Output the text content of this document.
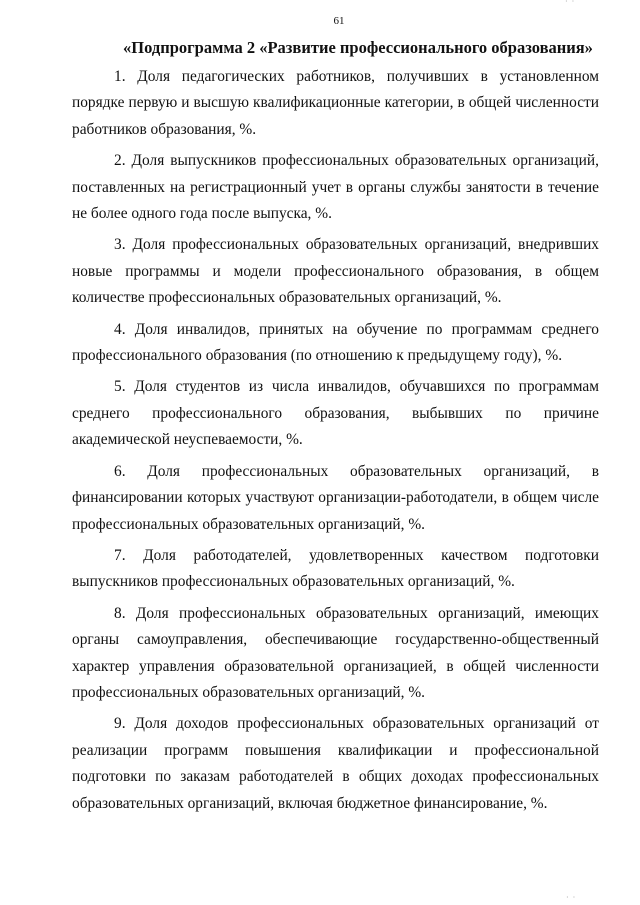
· ·
61
«Подпрограмма 2 «Развитие профессионального образования»

1. Доля педагогических работников, получивших в установленном порядке первую и высшую квалификационные категории, в общей численности работников образования, %.

2. Доля выпускников профессиональных образовательных организаций, поставленных на регистрационный учет в органы службы занятости в течение не более одного года после выпуска, %.

3. Доля профессиональных образовательных организаций, внедривших новые программы и модели профессионального образования, в общем количестве профессиональных образовательных организаций, %.

4. Доля инвалидов, принятых на обучение по программам среднего профессионального образования (по отношению к предыдущему году), %.

5. Доля студентов из числа инвалидов, обучавшихся по программам среднего профессионального образования, выбывших по причине академической неуспеваемости, %.

6. Доля профессиональных образовательных организаций, в финансировании которых участвуют организации-работодатели, в общем числе профессиональных образовательных организаций, %.

7. Доля работодателей, удовлетворенных качеством подготовки выпускников профессиональных образовательных организаций, %.

8. Доля профессиональных образовательных организаций, имеющих органы самоуправления, обеспечивающие государственно-общественный характер управления образовательной организацией, в общей численности профессиональных образовательных организаций, %.

9. Доля доходов профессиональных образовательных организаций от реализации программ повышения квалификации и профессиональной подготовки по заказам работодателей в общих доходах профессиональных образовательных организаций, включая бюджетное финансирование, %.

· ·
